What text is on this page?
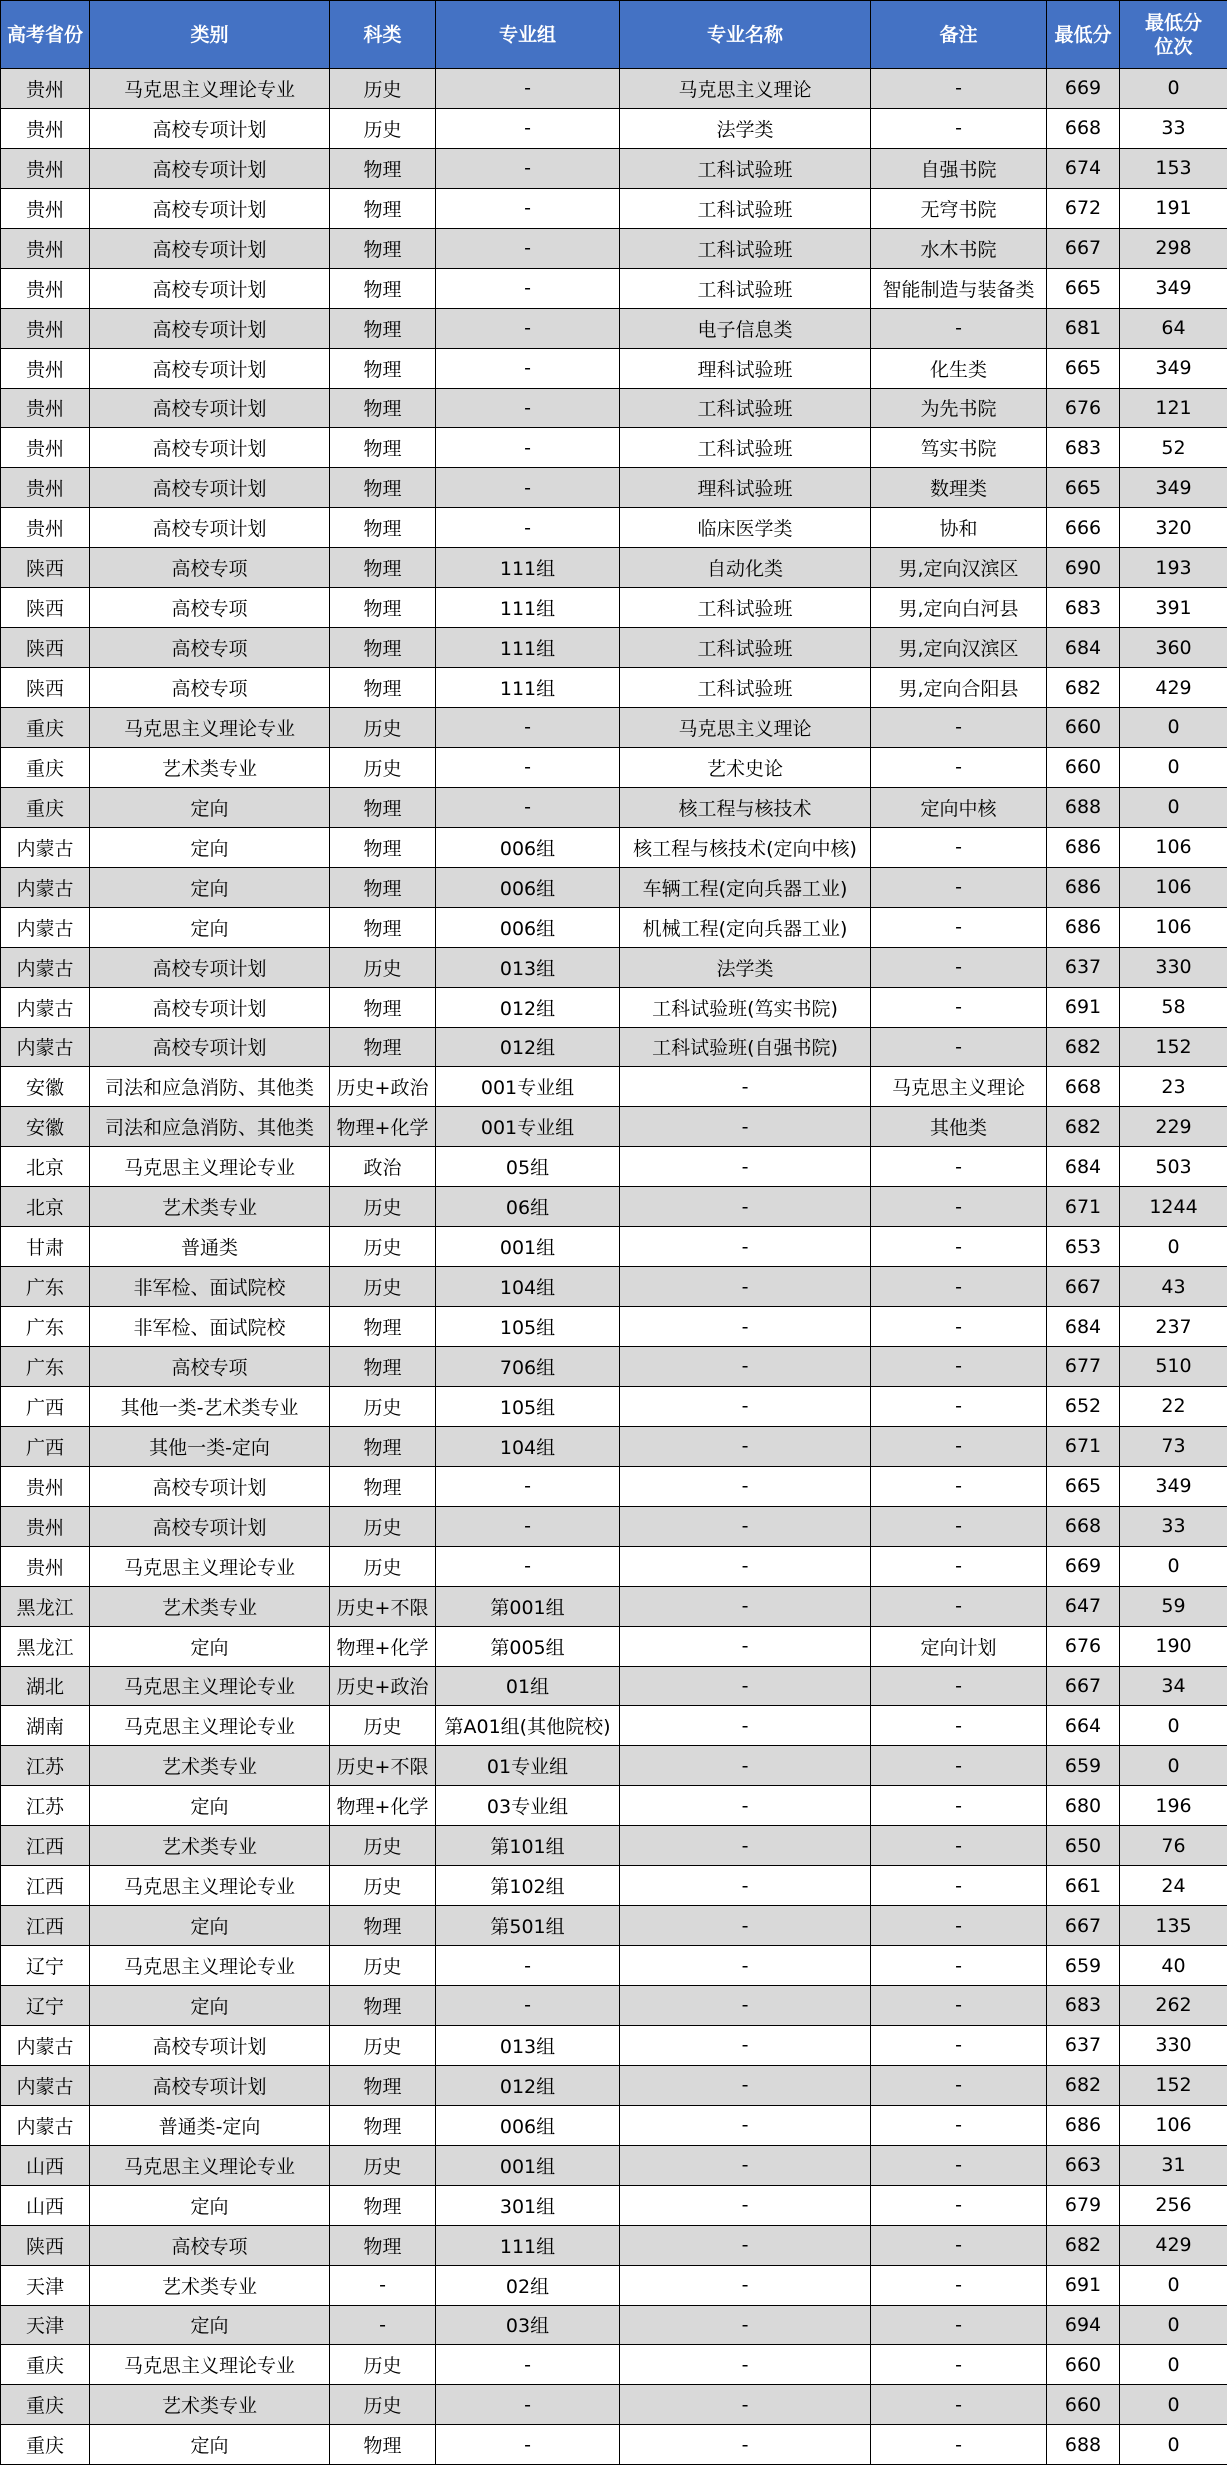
高考省份	类别	科类	专业组	专业名称	备注	最低分	最低分
位次
贵州	马克思主义理论专业	历史	-	马克思主义理论	-	669	0
贵州	高校专项计划	历史	-	法学类	-	668	33
贵州	高校专项计划	物理	-	工科试验班	自强书院	674	153
贵州	高校专项计划	物理	-	工科试验班	无穹书院	672	191
贵州	高校专项计划	物理	-	工科试验班	水木书院	667	298
贵州	高校专项计划	物理	-	工科试验班	智能制造与装备类	665	349
贵州	高校专项计划	物理	-	电子信息类	-	681	64
贵州	高校专项计划	物理	-	理科试验班	化生类	665	349
贵州	高校专项计划	物理	-	工科试验班	为先书院	676	121
贵州	高校专项计划	物理	-	工科试验班	笃实书院	683	52
贵州	高校专项计划	物理	-	理科试验班	数理类	665	349
贵州	高校专项计划	物理	-	临床医学类	协和	666	320
陕西	高校专项	物理	111组	自动化类	男,定向汉滨区	690	193
陕西	高校专项	物理	111组	工科试验班	男,定向白河县	683	391
陕西	高校专项	物理	111组	工科试验班	男,定向汉滨区	684	360
陕西	高校专项	物理	111组	工科试验班	男,定向合阳县	682	429
重庆	马克思主义理论专业	历史	-	马克思主义理论	-	660	0
重庆	艺术类专业	历史	-	艺术史论	-	660	0
重庆	定向	物理	-	核工程与核技术	定向中核	688	0
内蒙古	定向	物理	006组	核工程与核技术(定向中核)	-	686	106
内蒙古	定向	物理	006组	车辆工程(定向兵器工业)	-	686	106
内蒙古	定向	物理	006组	机械工程(定向兵器工业)	-	686	106
内蒙古	高校专项计划	历史	013组	法学类	-	637	330
内蒙古	高校专项计划	物理	012组	工科试验班(笃实书院)	-	691	58
内蒙古	高校专项计划	物理	012组	工科试验班(自强书院)	-	682	152
安徽	司法和应急消防、其他类	历史+政治	001专业组	-	马克思主义理论	668	23
安徽	司法和应急消防、其他类	物理+化学	001专业组	-	其他类	682	229
北京	马克思主义理论专业	政治	05组	-	-	684	503
北京	艺术类专业	历史	06组	-	-	671	1244
甘肃	普通类	历史	001组	-	-	653	0
广东	非军检、面试院校	历史	104组	-	-	667	43
广东	非军检、面试院校	物理	105组	-	-	684	237
广东	高校专项	物理	706组	-	-	677	510
广西	其他一类-艺术类专业	历史	105组	-	-	652	22
广西	其他一类-定向	物理	104组	-	-	671	73
贵州	高校专项计划	物理	-	-	-	665	349
贵州	高校专项计划	历史	-	-	-	668	33
贵州	马克思主义理论专业	历史	-	-	-	669	0
黑龙江	艺术类专业	历史+不限	第001组	-	-	647	59
黑龙江	定向	物理+化学	第005组	-	定向计划	676	190
湖北	马克思主义理论专业	历史+政治	01组	-	-	667	34
湖南	马克思主义理论专业	历史	第A01组(其他院校)	-	-	664	0
江苏	艺术类专业	历史+不限	01专业组	-	-	659	0
江苏	定向	物理+化学	03专业组	-	-	680	196
江西	艺术类专业	历史	第101组	-	-	650	76
江西	马克思主义理论专业	历史	第102组	-	-	661	24
江西	定向	物理	第501组	-	-	667	135
辽宁	马克思主义理论专业	历史	-	-	-	659	40
辽宁	定向	物理	-	-	-	683	262
内蒙古	高校专项计划	历史	013组	-	-	637	330
内蒙古	高校专项计划	物理	012组	-	-	682	152
内蒙古	普通类-定向	物理	006组	-	-	686	106
山西	马克思主义理论专业	历史	001组	-	-	663	31
山西	定向	物理	301组	-	-	679	256
陕西	高校专项	物理	111组	-	-	682	429
天津	艺术类专业	-	02组	-	-	691	0
天津	定向	-	03组	-	-	694	0
重庆	马克思主义理论专业	历史	-	-	-	660	0
重庆	艺术类专业	历史	-	-	-	660	0
重庆	定向	物理	-	-	-	688	0
